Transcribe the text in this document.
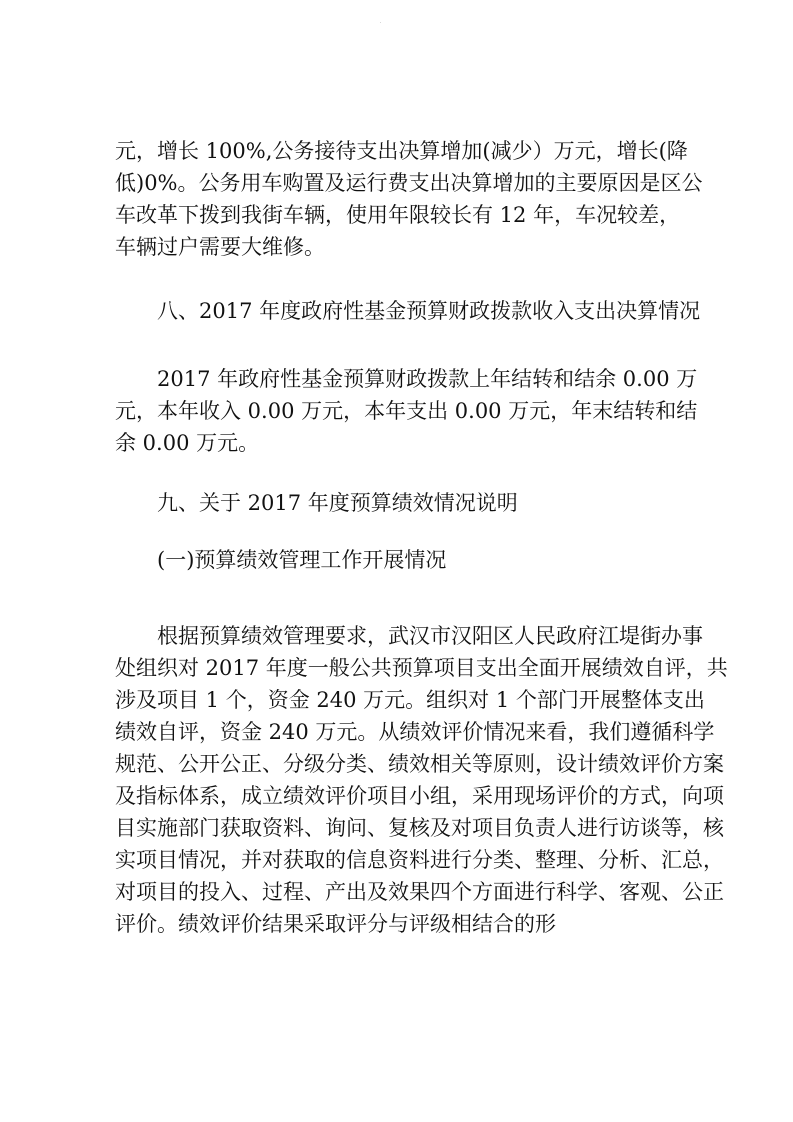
元，增长 100%,公务接待支出决算增加(减少）万元，增长(降
低)0%。公务用车购置及运行费支出决算增加的主要原因是区公
车改革下拨到我街车辆，使用年限较长有 12 年，车况较差，
车辆过户需要大维修。
八、2017 年度政府性基金预算财政拨款收入支出决算情况
2017 年政府性基金预算财政拨款上年结转和结余 0.00 万
元，本年收入 0.00 万元，本年支出 0.00 万元，年末结转和结
余 0.00 万元。
九、关于 2017 年度预算绩效情况说明
(一)预算绩效管理工作开展情况
根据预算绩效管理要求，武汉市汉阳区人民政府江堤街办事
处组织对 2017 年度一般公共预算项目支出全面开展绩效自评，共
涉及项目 1 个，资金 240 万元。组织对 1 个部门开展整体支出
绩效自评，资金 240 万元。从绩效评价情况来看，我们遵循科学
规范、公开公正、分级分类、绩效相关等原则，设计绩效评价方案
及指标体系，成立绩效评价项目小组，采用现场评价的方式，向项
目实施部门获取资料、询问、复核及对项目负责人进行访谈等，核
实项目情况，并对获取的信息资料进行分类、整理、分析、汇总，
对项目的投入、过程、产出及效果四个方面进行科学、客观、公正
评价。绩效评价结果采取评分与评级相结合的形
